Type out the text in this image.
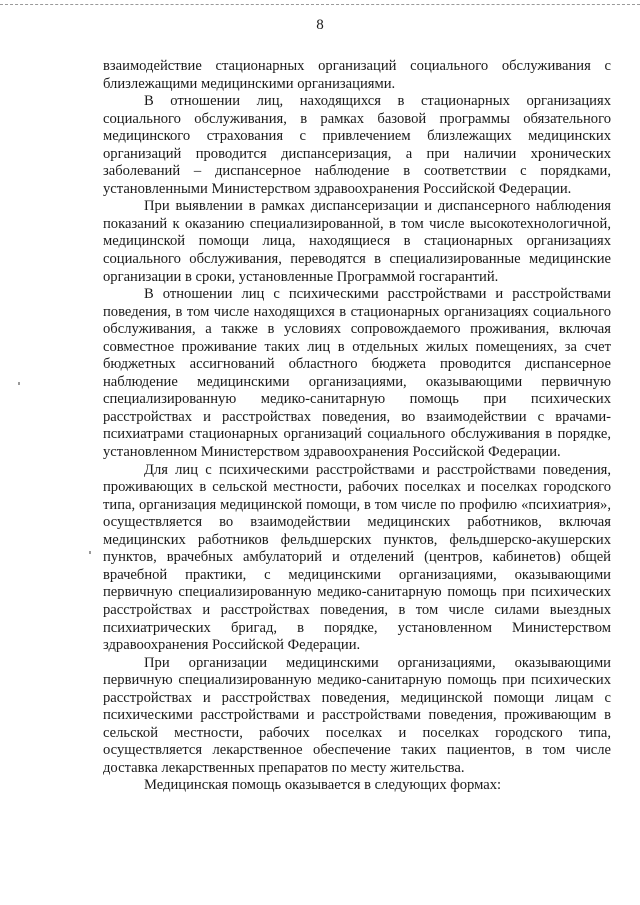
8

взаимодействие стационарных организаций социального обслуживания с близлежащими медицинскими организациями.

В отношении лиц, находящихся в стационарных организациях социального обслуживания, в рамках базовой программы обязательного медицинского страхования с привлечением близлежащих медицинских организаций проводится диспансеризация, а при наличии хронических заболеваний – диспансерное наблюдение в соответствии с порядками, установленными Министерством здравоохранения Российской Федерации.

При выявлении в рамках диспансеризации и диспансерного наблюдения показаний к оказанию специализированной, в том числе высокотехнологичной, медицинской помощи лица, находящиеся в стационарных организациях социального обслуживания, переводятся в специализированные медицинские организации в сроки, установленные Программой госгарантий.

В отношении лиц с психическими расстройствами и расстройствами поведения, в том числе находящихся в стационарных организациях социального обслуживания, а также в условиях сопровождаемого проживания, включая совместное проживание таких лиц в отдельных жилых помещениях, за счет бюджетных ассигнований областного бюджета проводится диспансерное наблюдение медицинскими организациями, оказывающими первичную специализированную медико-санитарную помощь при психических расстройствах и расстройствах поведения, во взаимодействии с врачами-психиатрами стационарных организаций социального обслуживания в порядке, установленном Министерством здравоохранения Российской Федерации.

Для лиц с психическими расстройствами и расстройствами поведения, проживающих в сельской местности, рабочих поселках и поселках городского типа, организация медицинской помощи, в том числе по профилю «психиатрия», осуществляется во взаимодействии медицинских работников, включая медицинских работников фельдшерских пунктов, фельдшерско-акушерских пунктов, врачебных амбулаторий и отделений (центров, кабинетов) общей врачебной практики, с медицинскими организациями, оказывающими первичную специализированную медико-санитарную помощь при психических расстройствах и расстройствах поведения, в том числе силами выездных психиатрических бригад, в порядке, установленном Министерством здравоохранения Российской Федерации.

При организации медицинскими организациями, оказывающими первичную специализированную медико-санитарную помощь при психических расстройствах и расстройствах поведения, медицинской помощи лицам с психическими расстройствами и расстройствами поведения, проживающим в сельской местности, рабочих поселках и поселках городского типа, осуществляется лекарственное обеспечение таких пациентов, в том числе доставка лекарственных препаратов по месту жительства.

Медицинская помощь оказывается в следующих формах:
